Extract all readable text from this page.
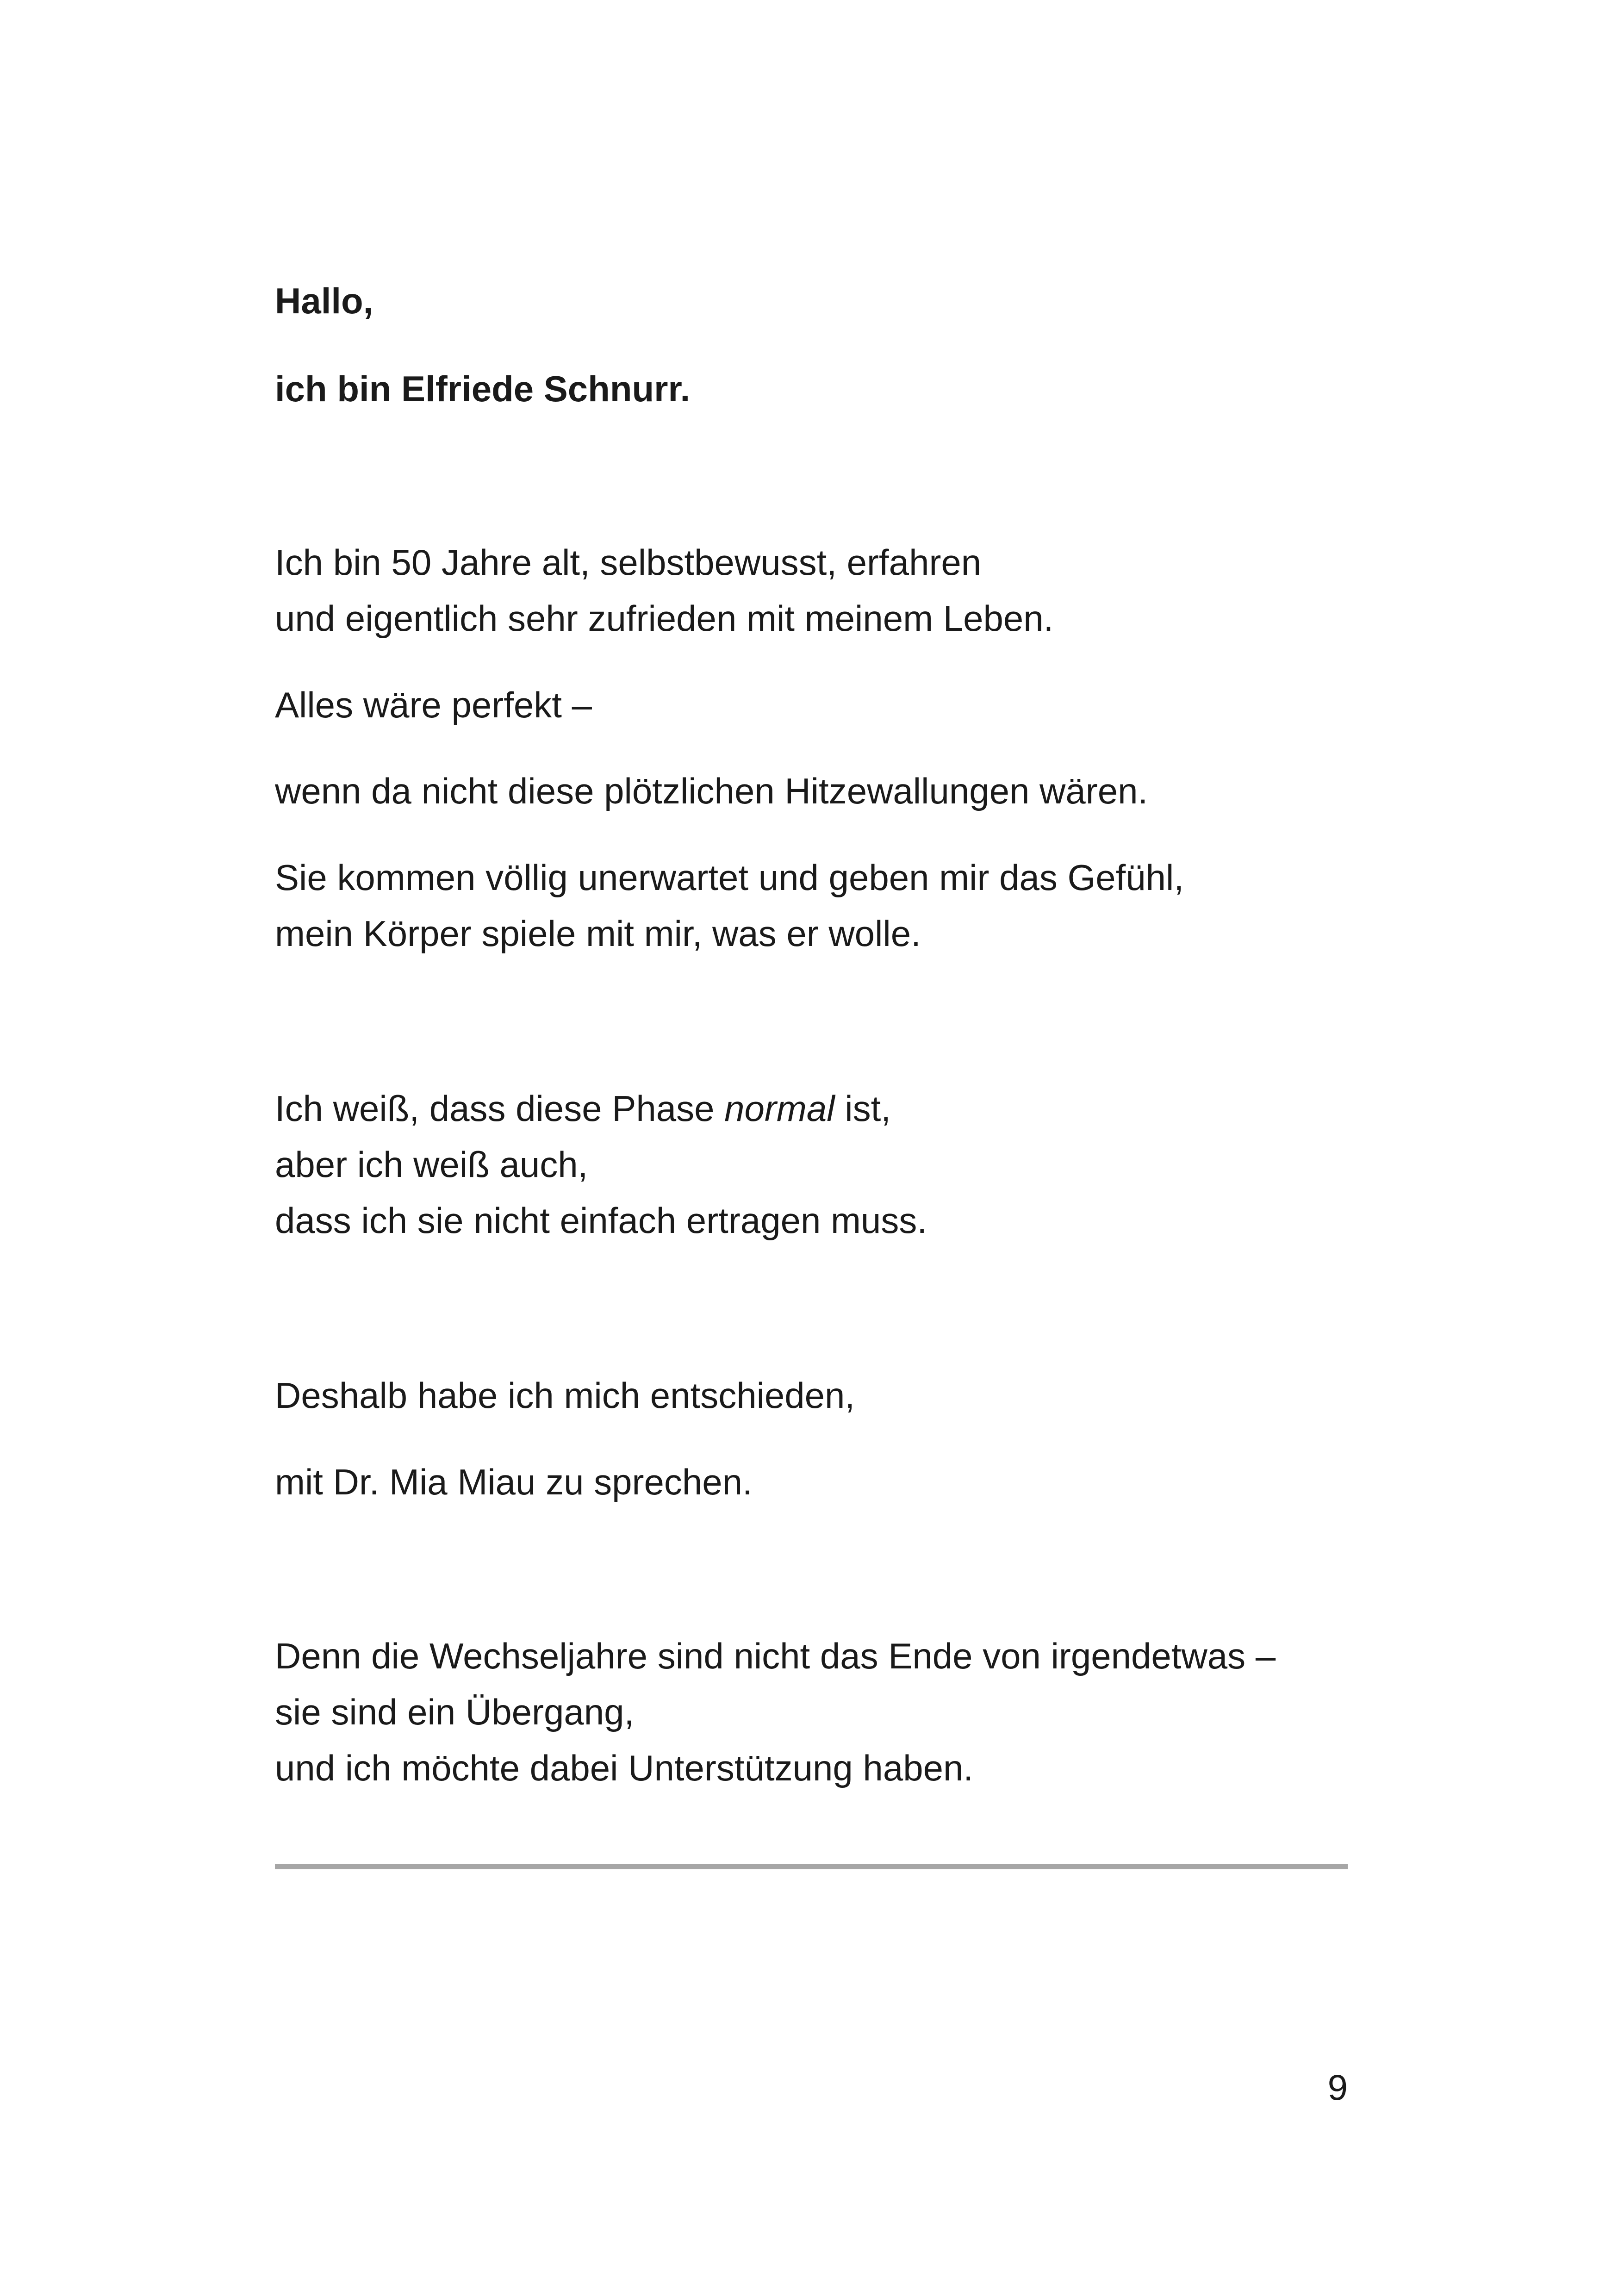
Hallo,

ich bin Elfriede Schnurr.

Ich bin 50 Jahre alt, selbstbewusst, erfahren
und eigentlich sehr zufrieden mit meinem Leben.

Alles wäre perfekt –

wenn da nicht diese plötzlichen Hitzewallungen wären.

Sie kommen völlig unerwartet und geben mir das Gefühl,
mein Körper spiele mit mir, was er wolle.
Ich weiß, dass diese Phase normal ist,
aber ich weiß auch,
dass ich sie nicht einfach ertragen muss.

Deshalb habe ich mich entschieden,

mit Dr. Mia Miau zu sprechen.

Denn die Wechseljahre sind nicht das Ende von irgendetwas –
sie sind ein Übergang,
und ich möchte dabei Unterstützung haben.
9
